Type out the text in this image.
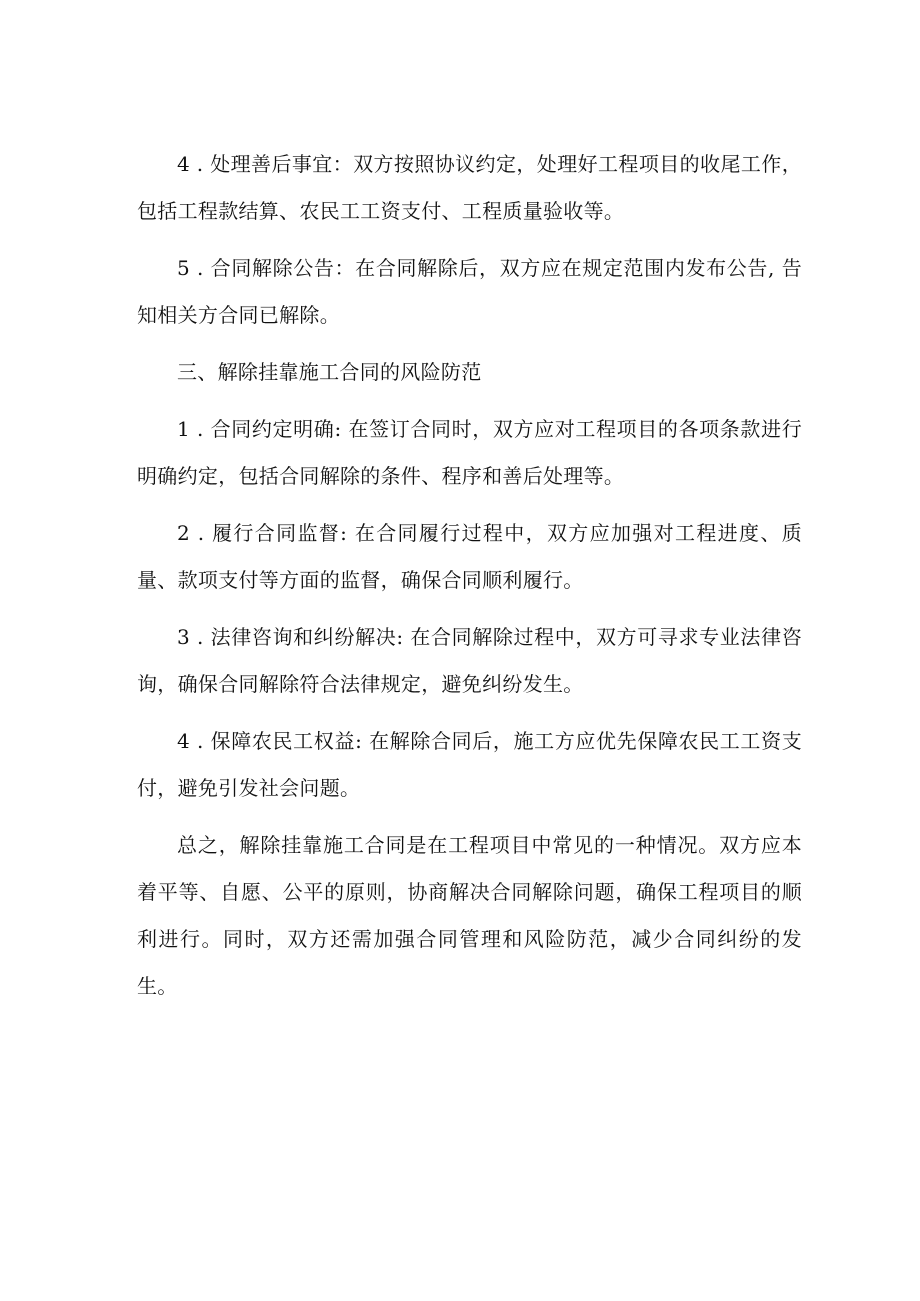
4 . 处理善后事宜：双方按照协议约定，处理好工程项目的收尾工作，包括工程款结算、农民工工资支付、工程质量验收等。

5 . 合同解除公告：在合同解除后，双方应在规定范围内发布公告, 告知相关方合同已解除。

三、解除挂靠施工合同的风险防范

1 . 合同约定明确: 在签订合同时，双方应对工程项目的各项条款进行明确约定，包括合同解除的条件、程序和善后处理等。

2 . 履行合同监督: 在合同履行过程中，双方应加强对工程进度、质量、款项支付等方面的监督，确保合同顺利履行。

3 . 法律咨询和纠纷解决: 在合同解除过程中，双方可寻求专业法律咨询，确保合同解除符合法律规定，避免纠纷发生。

4 . 保障农民工权益: 在解除合同后，施工方应优先保障农民工工资支付，避免引发社会问题。

总之，解除挂靠施工合同是在工程项目中常见的一种情况。双方应本着平等、自愿、公平的原则，协商解决合同解除问题，确保工程项目的顺利进行。同时，双方还需加强合同管理和风险防范，减少合同纠纷的发生。
